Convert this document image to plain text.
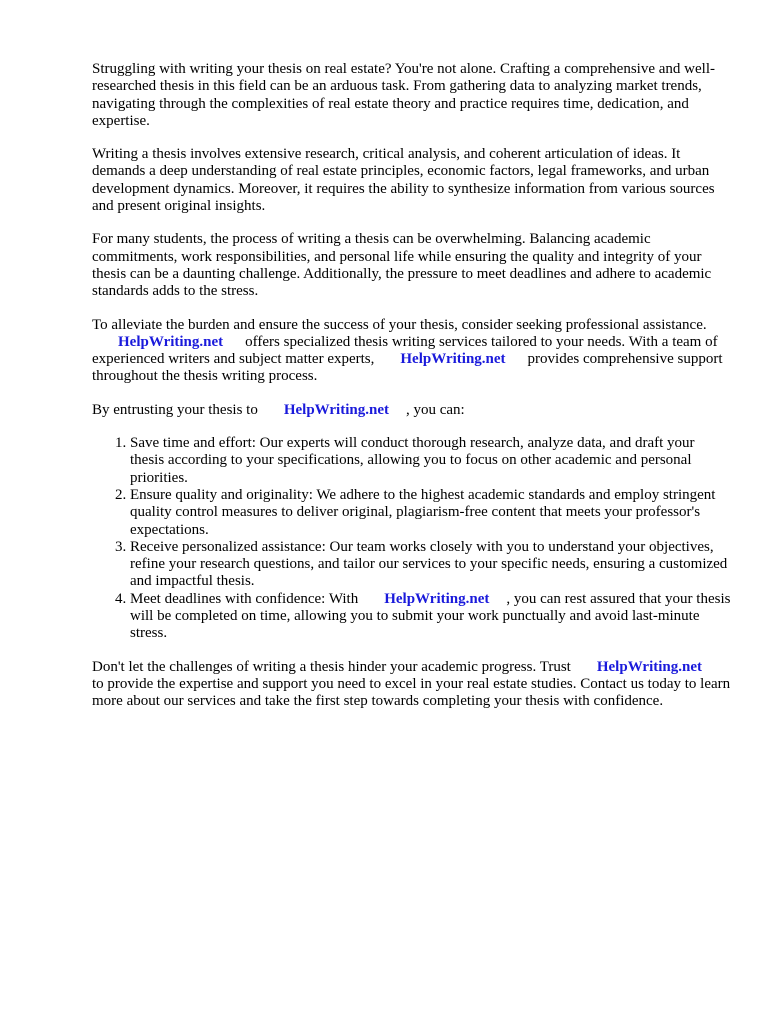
Struggling with writing your thesis on real estate? You're not alone. Crafting a comprehensive and well-researched thesis in this field can be an arduous task. From gathering data to analyzing market trends, navigating through the complexities of real estate theory and practice requires time, dedication, and expertise.

Writing a thesis involves extensive research, critical analysis, and coherent articulation of ideas. It demands a deep understanding of real estate principles, economic factors, legal frameworks, and urban development dynamics. Moreover, it requires the ability to synthesize information from various sources and present original insights.

For many students, the process of writing a thesis can be overwhelming. Balancing academic commitments, work responsibilities, and personal life while ensuring the quality and integrity of your thesis can be a daunting challenge. Additionally, the pressure to meet deadlines and adhere to academic standards adds to the stress.

To alleviate the burden and ensure the success of your thesis, consider seeking professional assistance.HelpWriting.net offers specialized thesis writing services tailored to your needs. With a team of experienced writers and subject matter experts, HelpWriting.net provides comprehensive support throughout the thesis writing process.

By entrusting your thesis to HelpWriting.net , you can:

1. Save time and effort: Our experts will conduct thorough research, analyze data, and draft your thesis according to your specifications, allowing you to focus on other academic and personal priorities.
2. Ensure quality and originality: We adhere to the highest academic standards and employ stringent quality control measures to deliver original, plagiarism-free content that meets your professor's expectations.
3. Receive personalized assistance: Our team works closely with you to understand your objectives, refine your research questions, and tailor our services to your specific needs, ensuring a customized and impactful thesis.
4. Meet deadlines with confidence: With HelpWriting.net , you can rest assured that your thesis will be completed on time, allowing you to submit your work punctually and avoid last-minute stress.

Don't let the challenges of writing a thesis hinder your academic progress. Trust HelpWriting.netto provide the expertise and support you need to excel in your real estate studies. Contact us today to learn more about our services and take the first step towards completing your thesis with confidence.
